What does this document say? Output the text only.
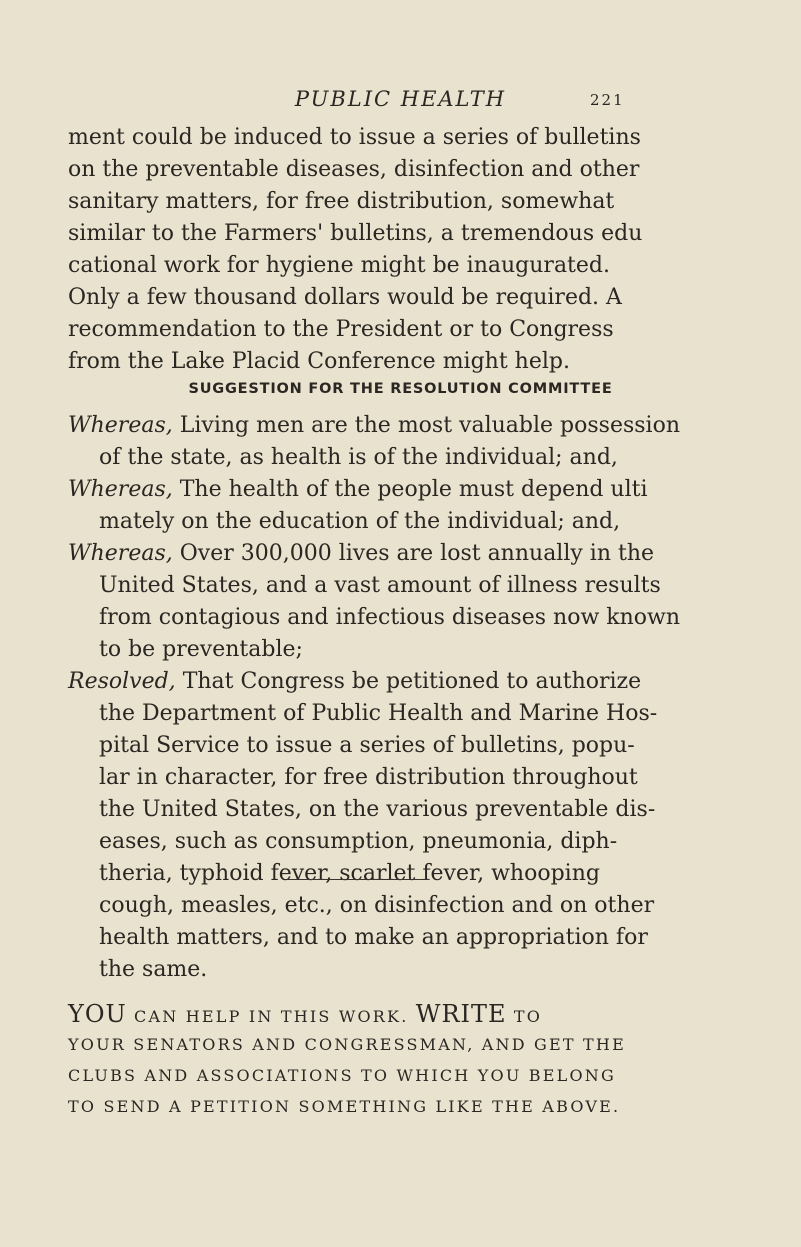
PUBLIC HEALTH	221
ment could be induced to issue a series of bulletins
on the preventable diseases, disinfection and other
sanitary matters, for free distribution, somewhat
similar to the Farmers' bulletins, a tremendous edu
cational work for hygiene might be inaugurated.
Only a few thousand dollars would be required. A
recommendation to the President or to Congress
from the Lake Placid Conference might help.
SUGGESTION FOR THE RESOLUTION COMMITTEE
Whereas, Living men are the most valuable possession
of the state, as health is of the individual; and,
Whereas, The health of the people must depend ulti
mately on the education of the individual; and,
Whereas, Over 300,000 lives are lost annually in the
United States, and a vast amount of illness results
from contagious and infectious diseases now known
to be preventable;
Resolved, That Congress be petitioned to authorize
the Department of Public Health and Marine Hos-
pital Service to issue a series of bulletins, popu-
lar in character, for free distribution throughout
the United States, on the various preventable dis-
eases, such as consumption, pneumonia, diph-
theria, typhoid fever, scarlet fever, whooping
cough, measles, etc., on disinfection and on other
health matters, and to make an appropriation for
the same.
YOU CAN HELP IN THIS WORK. WRITE TO
YOUR SENATORS AND CONGRESSMAN, AND GET THE
CLUBS AND ASSOCIATIONS TO WHICH YOU BELONG
TO SEND A PETITION SOMETHING LIKE THE ABOVE.
